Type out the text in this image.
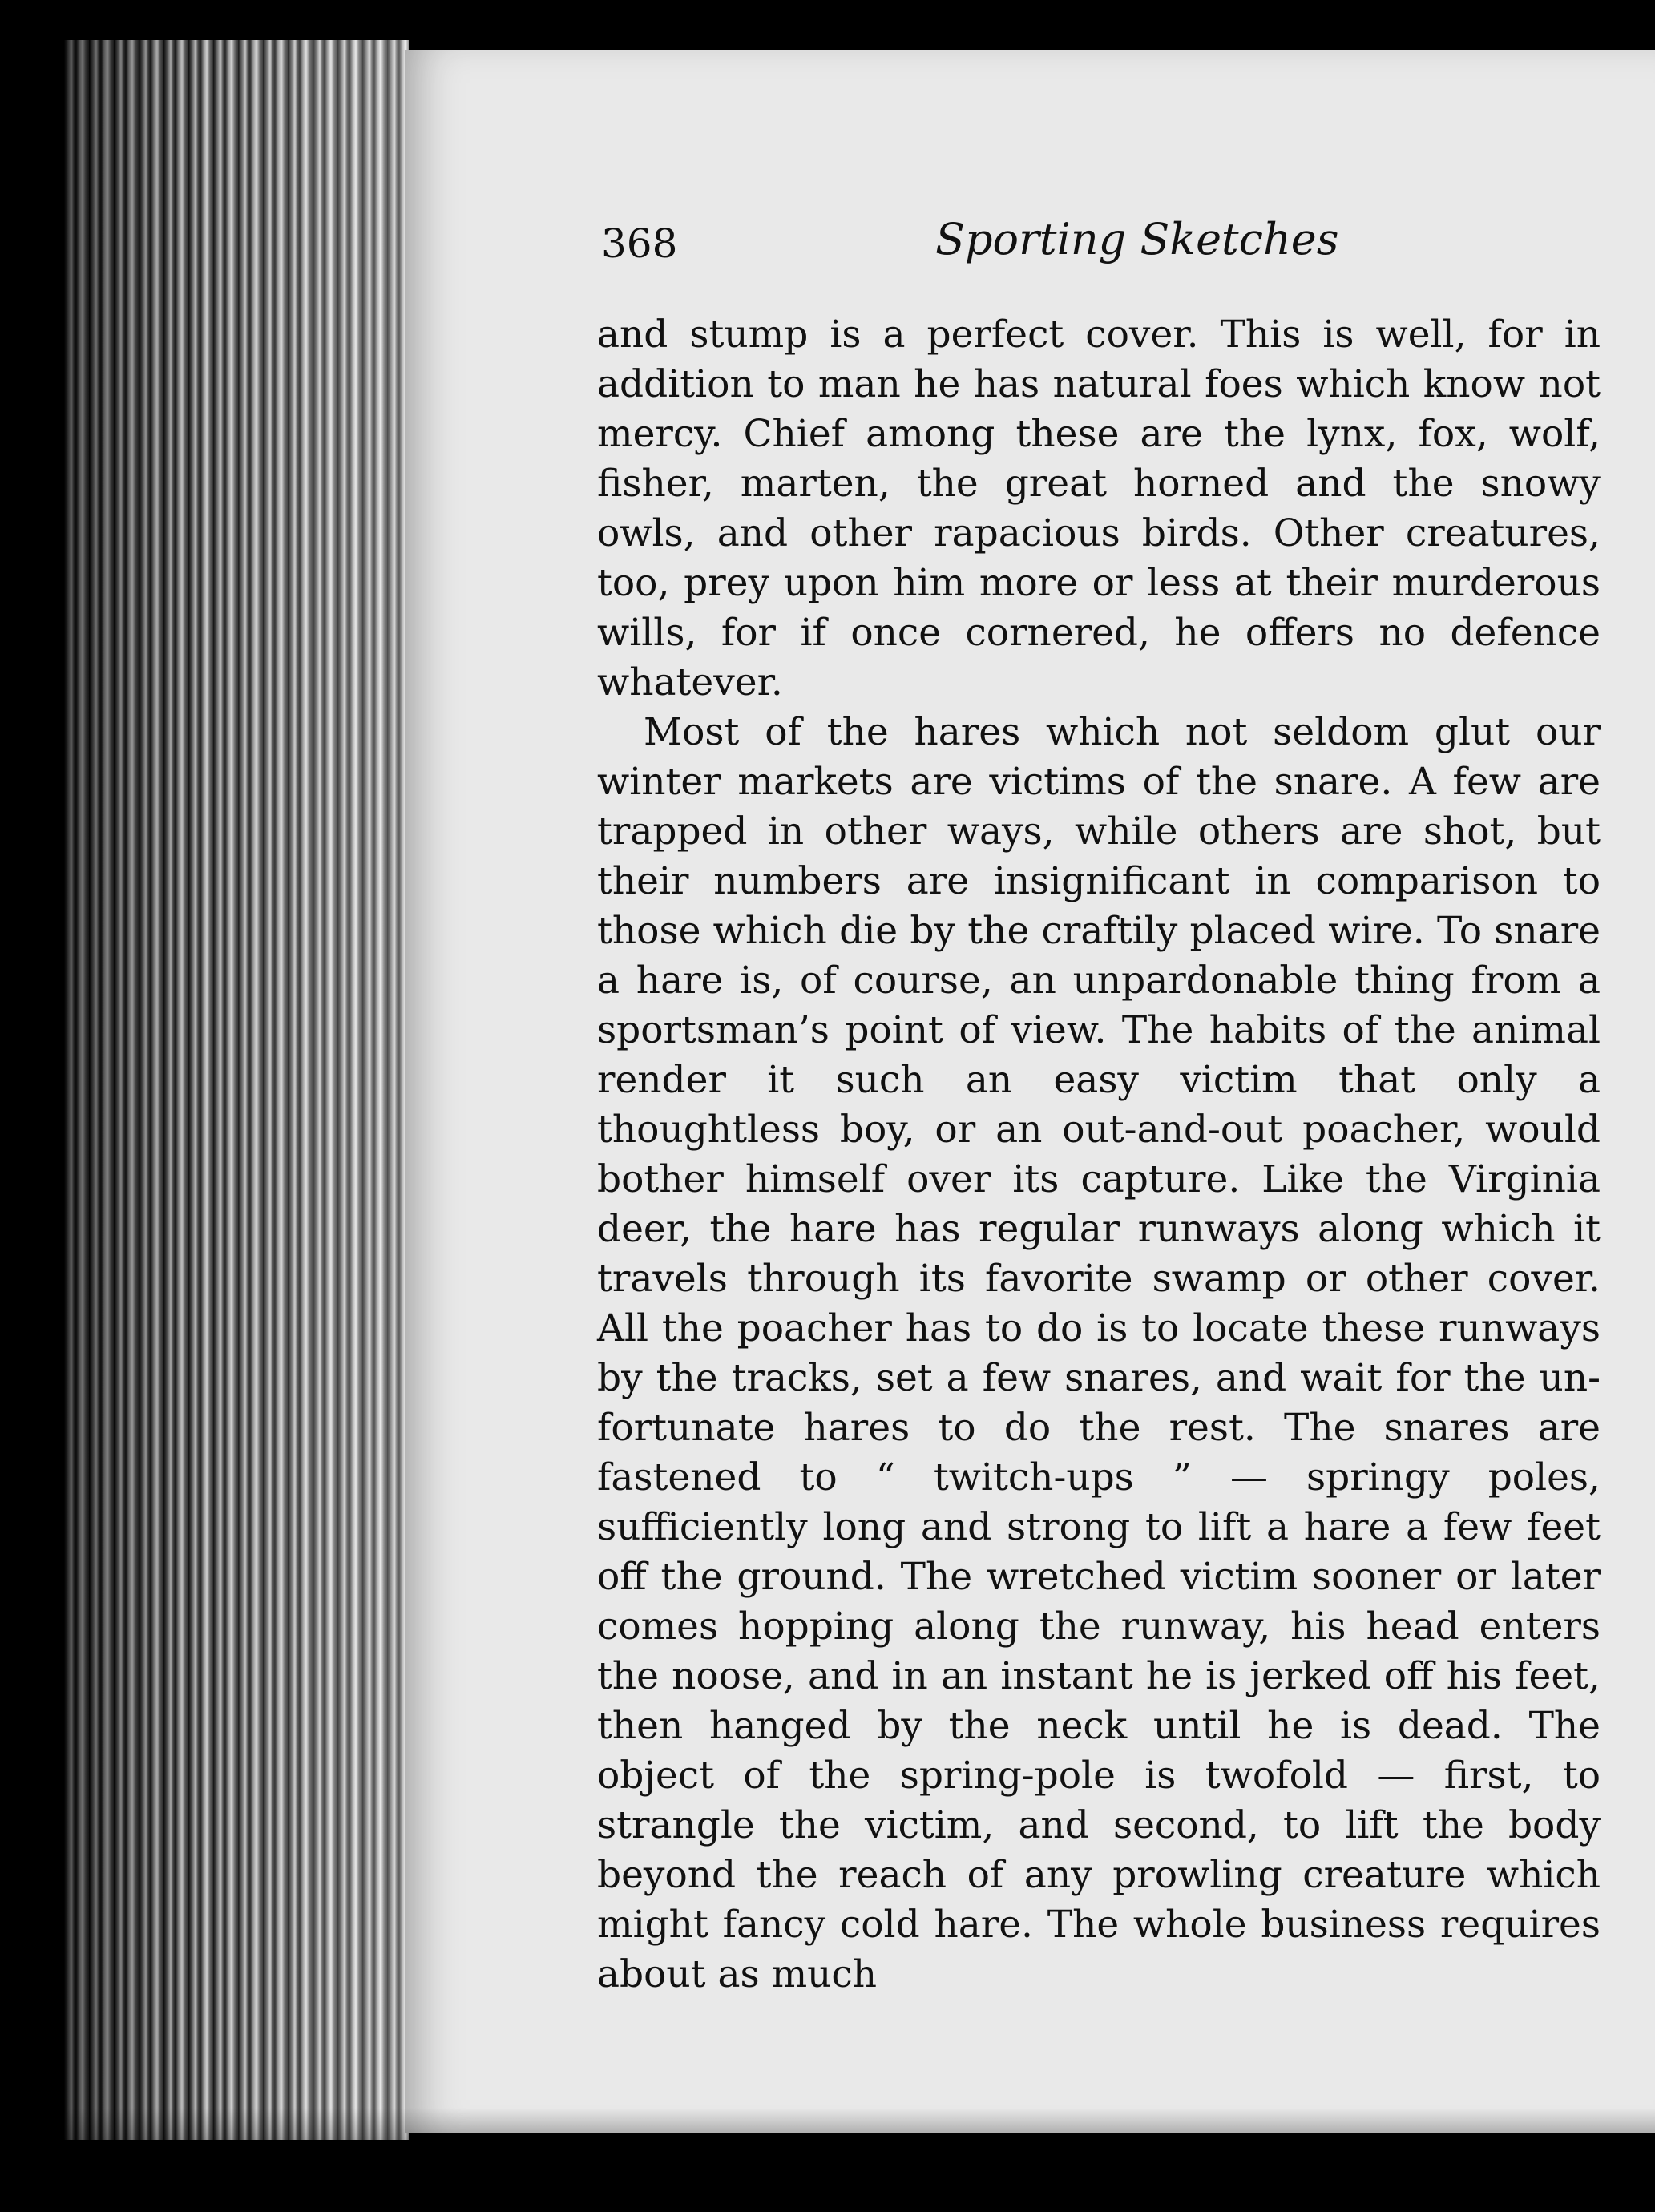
368	Sporting Sketches

and stump is a perfect cover. This is well, for in addition to man he has natural foes which know not mercy. Chief among these are the lynx, fox, wolf, fisher, marten, the great horned and the snowy owls, and other rapacious birds. Other creatures, too, prey upon him more or less at their murderous wills, for if once cornered, he offers no defence whatever.

Most of the hares which not seldom glut our winter markets are victims of the snare. A few are trapped in other ways, while others are shot, but their numbers are insignificant in comparison to those which die by the craftily placed wire. To snare a hare is, of course, an unpardonable thing from a sportsman’s point of view. The habits of the animal render it such an easy victim that only a thoughtless boy, or an out-and-out poacher, would bother himself over its capture. Like the Virginia deer, the hare has regular runways along which it travels through its favorite swamp or other cover. All the poacher has to do is to locate these runways by the tracks, set a few snares, and wait for the unfortunate hares to do the rest. The snares are fastened to “ twitch-ups ” — springy poles, sufficiently long and strong to lift a hare a few feet off the ground. The wretched victim sooner or later comes hopping along the runway, his head enters the noose, and in an instant he is jerked off his feet, then hanged by the neck until he is dead. The object of the spring-pole is twofold — first, to strangle the victim, and second, to lift the body beyond the reach of any prowling creature which might fancy cold hare. The whole business requires about as much
